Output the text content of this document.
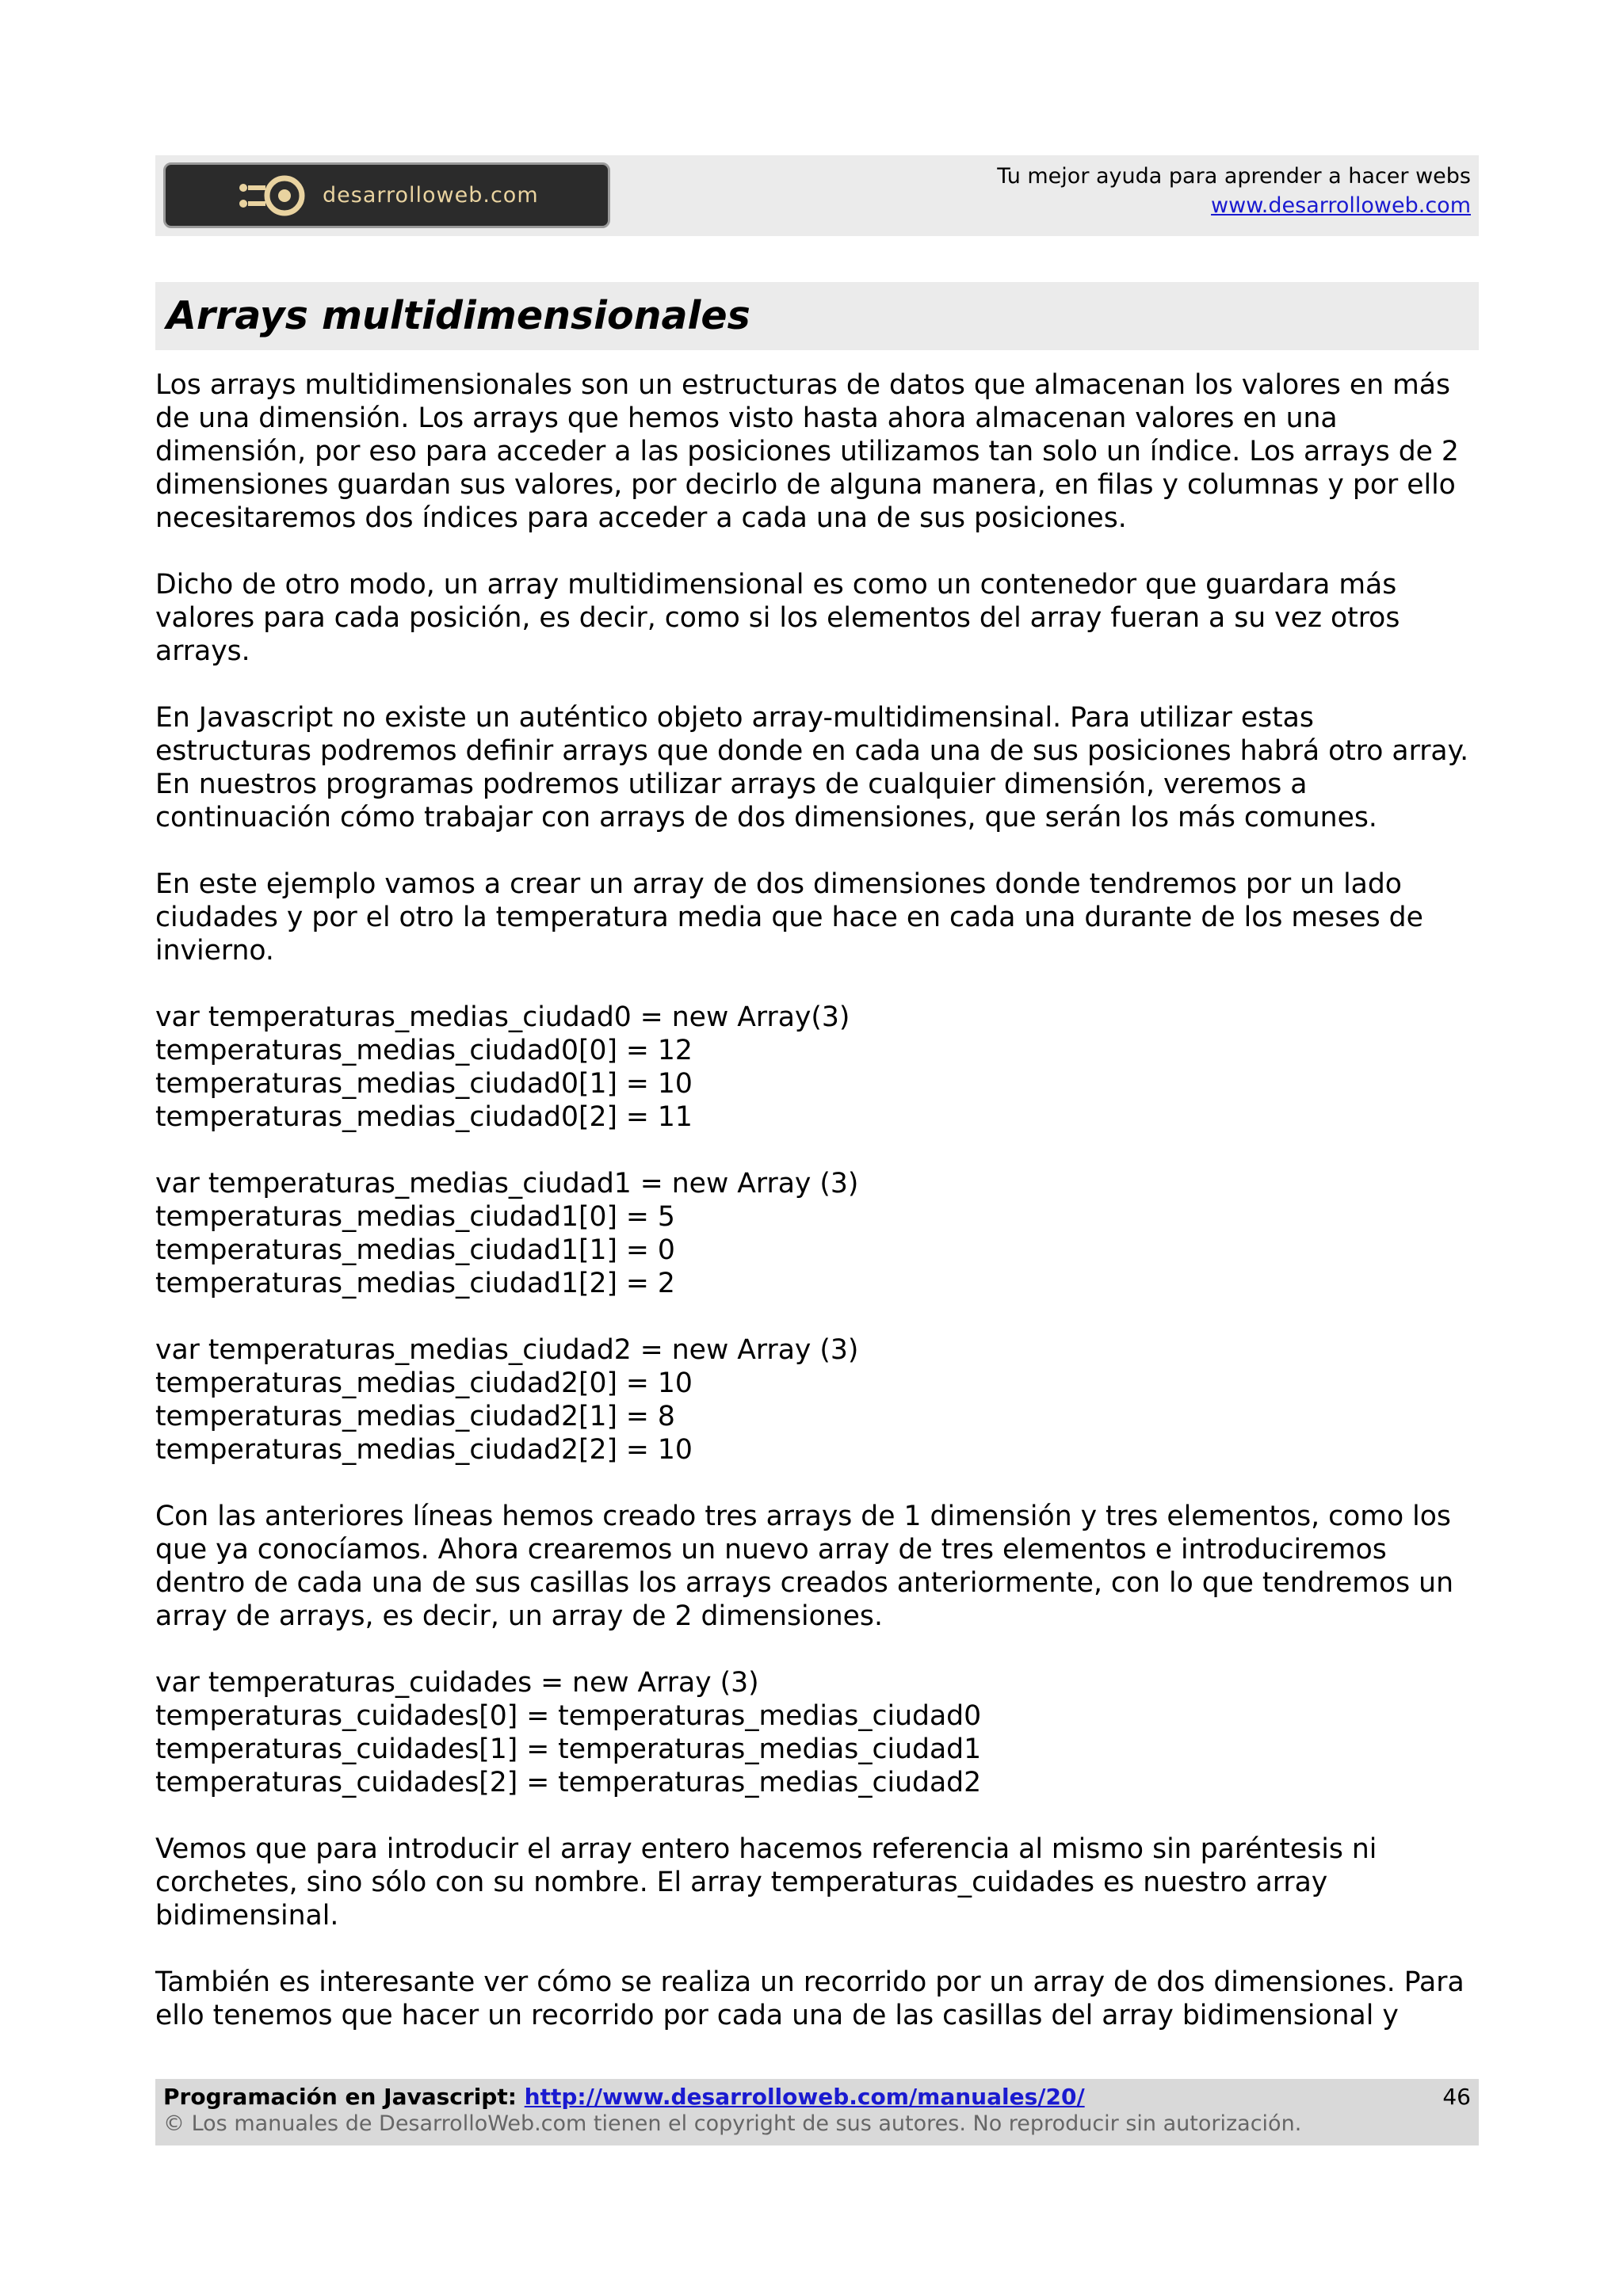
desarrolloweb.com
Tu mejor ayuda para aprender a hacer webs
www.desarrolloweb.com
Arrays multidimensionales

Los arrays multidimensionales son un estructuras de datos que almacenan los valores en más
de una dimensión. Los arrays que hemos visto hasta ahora almacenan valores en una
dimensión, por eso para acceder a las posiciones utilizamos tan solo un índice. Los arrays de 2
dimensiones guardan sus valores, por decirlo de alguna manera, en filas y columnas y por ello
necesitaremos dos índices para acceder a cada una de sus posiciones.

Dicho de otro modo, un array multidimensional es como un contenedor que guardara más
valores para cada posición, es decir, como si los elementos del array fueran a su vez otros
arrays.

En Javascript no existe un auténtico objeto array-multidimensinal. Para utilizar estas
estructuras podremos definir arrays que donde en cada una de sus posiciones habrá otro array.
En nuestros programas podremos utilizar arrays de cualquier dimensión, veremos a
continuación cómo trabajar con arrays de dos dimensiones, que serán los más comunes.

En este ejemplo vamos a crear un array de dos dimensiones donde tendremos por un lado
ciudades y por el otro la temperatura media que hace en cada una durante de los meses de
invierno.

var temperaturas_medias_ciudad0 = new Array(3)
temperaturas_medias_ciudad0[0] = 12
temperaturas_medias_ciudad0[1] = 10
temperaturas_medias_ciudad0[2] = 11

var temperaturas_medias_ciudad1 = new Array (3)
temperaturas_medias_ciudad1[0] = 5
temperaturas_medias_ciudad1[1] = 0
temperaturas_medias_ciudad1[2] = 2

var temperaturas_medias_ciudad2 = new Array (3)
temperaturas_medias_ciudad2[0] = 10
temperaturas_medias_ciudad2[1] = 8
temperaturas_medias_ciudad2[2] = 10

Con las anteriores líneas hemos creado tres arrays de 1 dimensión y tres elementos, como los
que ya conocíamos. Ahora crearemos un nuevo array de tres elementos e introduciremos
dentro de cada una de sus casillas los arrays creados anteriormente, con lo que tendremos un
array de arrays, es decir, un array de 2 dimensiones.

var temperaturas_cuidades = new Array (3)
temperaturas_cuidades[0] = temperaturas_medias_ciudad0
temperaturas_cuidades[1] = temperaturas_medias_ciudad1
temperaturas_cuidades[2] = temperaturas_medias_ciudad2

Vemos que para introducir el array entero hacemos referencia al mismo sin paréntesis ni
corchetes, sino sólo con su nombre. El array temperaturas_cuidades es nuestro array
bidimensinal.

También es interesante ver cómo se realiza un recorrido por un array de dos dimensiones. Para
ello tenemos que hacer un recorrido por cada una de las casillas del array bidimensional y

Programación en Javascript: http://www.desarrolloweb.com/manuales/20/	46
© Los manuales de DesarrolloWeb.com tienen el copyright de sus autores. No reproducir sin autorización.
